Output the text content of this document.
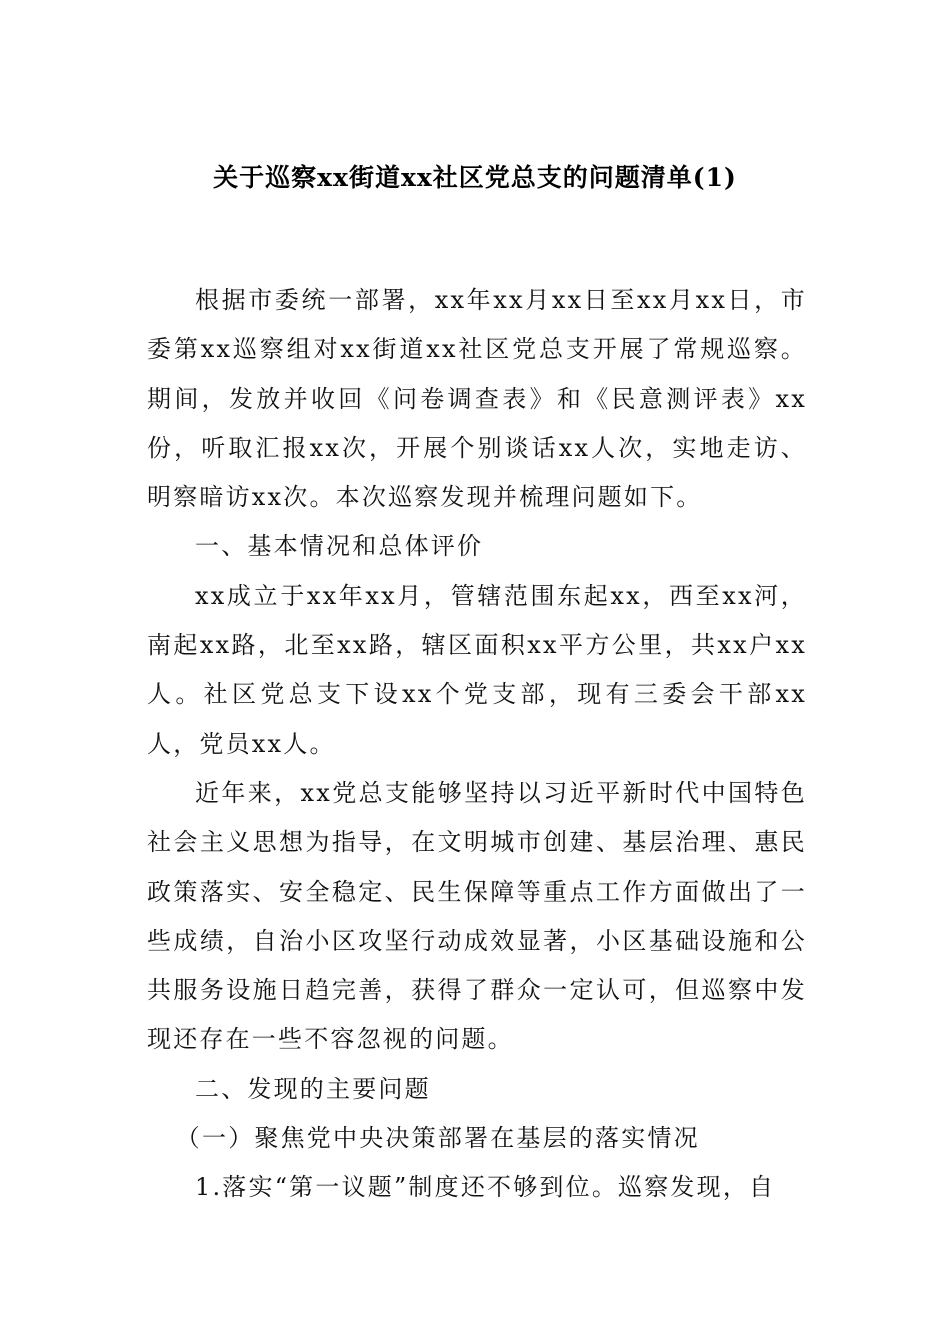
关于巡察xx街道xx社区党总支的问题清单(1)

根据市委统一部署，xx年xx月xx日至xx月xx日，市委第xx巡察组对xx街道xx社区党总支开展了常规巡察。期间，发放并收回《问卷调查表》和《民意测评表》xx份，听取汇报xx次，开展个别谈话xx人次，实地走访、明察暗访xx次。本次巡察发现并梳理问题如下。

一、基本情况和总体评价

xx成立于xx年xx月，管辖范围东起xx，西至xx河，南起xx路，北至xx路，辖区面积xx平方公里，共xx户xx人。社区党总支下设xx个党支部，现有三委会干部xx人，党员xx人。

近年来，xx党总支能够坚持以习近平新时代中国特色社会主义思想为指导，在文明城市创建、基层治理、惠民政策落实、安全稳定、民生保障等重点工作方面做出了一些成绩，自治小区攻坚行动成效显著，小区基础设施和公共服务设施日趋完善，获得了群众一定认可，但巡察中发现还存在一些不容忽视的问题。

二、发现的主要问题

（一）聚焦党中央决策部署在基层的落实情况

1.落实“第一议题”制度还不够到位。巡察发现，自
